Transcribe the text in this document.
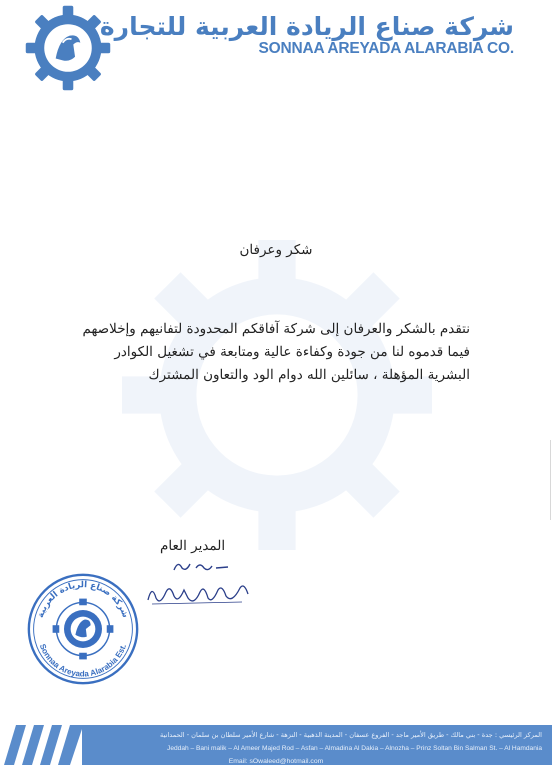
شركة صناع الريادة العربية للتجارة
SONNAA AREYADA ALARABIA CO.
شكر وعرفان
نتقدم بالشكر والعرفان إلى شركة آفاقكم المحدودة لتفانيهم وإخلاصهم
فيما قدموه لنا من جودة وكفاءة عالية ومتابعة في تشغيل الكوادر
البشرية المؤهلة ، سائلين الله دوام الود والتعاون المشترك
المدير العام
شركة صناع الريادة العربية
Sonnaa Areyada Alarabia Est.
المركز الرئيسي : جدة - بني مالك - طريق الأمير ماجد - الفروع عسفان - المدينة الذهبية - النزهة - شارع الأمير سلطان بن سلمان - الحمدانية
Jeddah – Bani malik – Al Ameer Majed Rod – Asfan – Almadina Al Dakia – Alnozha – Prinz Soltan Bin Salman St. – Al Hamdania
Email: sOwaleed@hotmail.com
